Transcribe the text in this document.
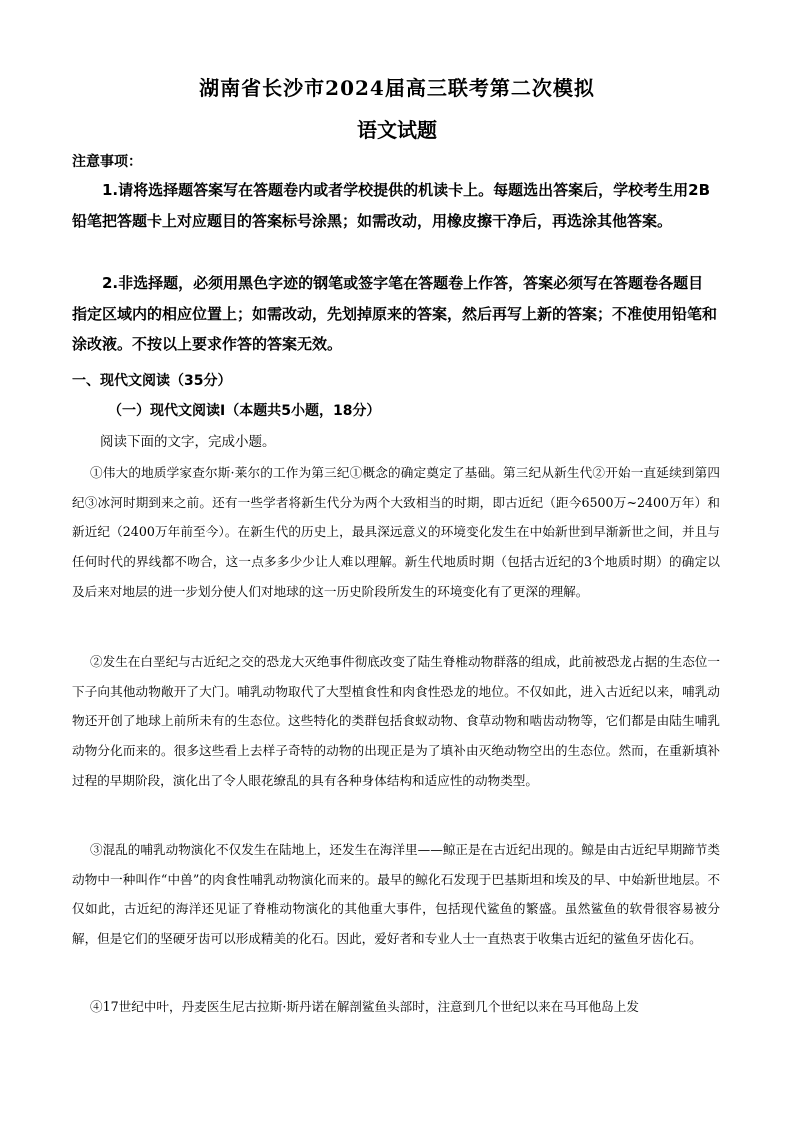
湖南省长沙市2024届高三联考第二次模拟
语文试题
注意事项：

1.请将选择题答案写在答题卷内或者学校提供的机读卡上。每题选出答案后，学校考生用2B铅笔把答题卡上对应题目的答案标号涂黑；如需改动，用橡皮擦干净后，再选涂其他答案。

2.非选择题，必须用黑色字迹的钢笔或签字笔在答题卷上作答，答案必须写在答题卷各题目指定区域内的相应位置上；如需改动，先划掉原来的答案，然后再写上新的答案；不准使用铅笔和涂改液。不按以上要求作答的答案无效。

一、现代文阅读（35分）
（一）现代文阅读Ⅰ（本题共5小题，18分）
阅读下面的文字，完成小题。

①伟大的地质学家查尔斯·莱尔的工作为第三纪①概念的确定奠定了基础。第三纪从新生代②开始一直延续到第四纪③冰河时期到来之前。还有一些学者将新生代分为两个大致相当的时期，即古近纪（距今6500万~2400万年）和新近纪（2400万年前至今）。在新生代的历史上，最具深远意义的环境变化发生在中始新世到早渐新世之间，并且与任何时代的界线都不吻合，这一点多多少少让人难以理解。新生代地质时期（包括古近纪的3个地质时期）的确定以及后来对地层的进一步划分使人们对地球的这一历史阶段所发生的环境变化有了更深的理解。

②发生在白垩纪与古近纪之交的恐龙大灭绝事件彻底改变了陆生脊椎动物群落的组成，此前被恐龙占据的生态位一下子向其他动物敞开了大门。哺乳动物取代了大型植食性和肉食性恐龙的地位。不仅如此，进入古近纪以来，哺乳动物还开创了地球上前所未有的生态位。这些特化的类群包括食蚁动物、食草动物和啮齿动物等，它们都是由陆生哺乳动物分化而来的。很多这些看上去样子奇特的动物的出现正是为了填补由灭绝动物空出的生态位。然而，在重新填补过程的早期阶段，演化出了令人眼花缭乱的具有各种身体结构和适应性的动物类型。

③混乱的哺乳动物演化不仅发生在陆地上，还发生在海洋里——鲸正是在古近纪出现的。鲸是由古近纪早期蹄节类动物中一种叫作“中兽”的肉食性哺乳动物演化而来的。最早的鲸化石发现于巴基斯坦和埃及的早、中始新世地层。不仅如此，古近纪的海洋还见证了脊椎动物演化的其他重大事件，包括现代鲨鱼的繁盛。虽然鲨鱼的软骨很容易被分解，但是它们的坚硬牙齿可以形成精美的化石。因此，爱好者和专业人士一直热衷于收集古近纪的鲨鱼牙齿化石。

④17世纪中叶，丹麦医生尼古拉斯·斯丹诺在解剖鲨鱼头部时，注意到几个世纪以来在马耳他岛上发
